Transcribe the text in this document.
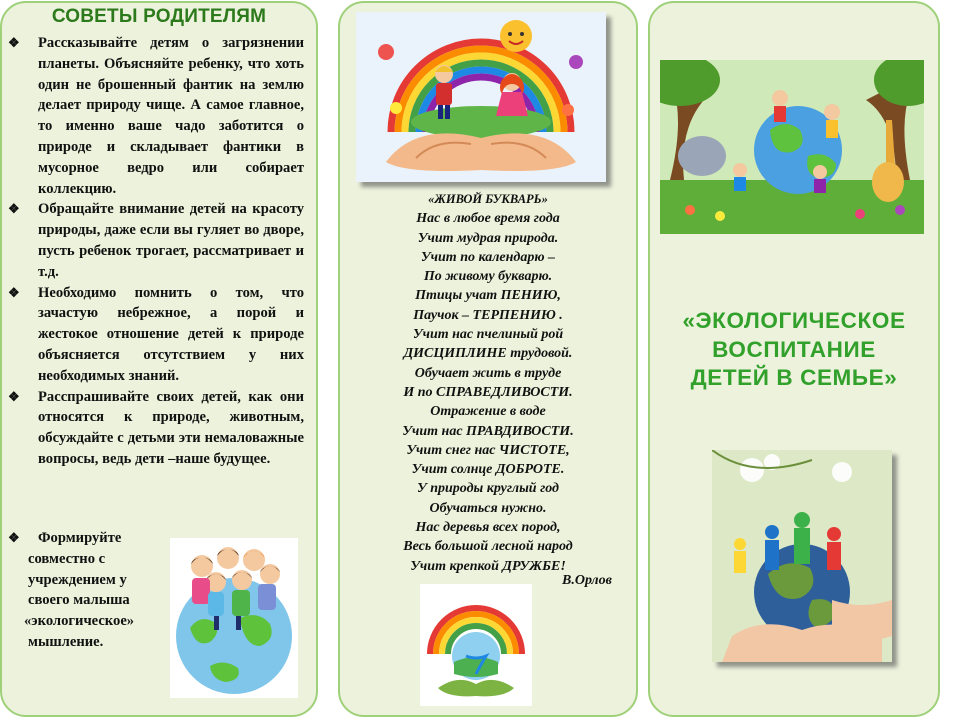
СОВЕТЫ РОДИТЕЛЯМ
❖ Рассказывайте детям о загрязнении планеты. Объясняйте ребенку, что хоть один не брошенный фантик на землю делает природу чище. А самое главное, то именно ваше чадо заботится о природе и складывает фантики в мусорное ведро или собирает коллекцию.
❖ Обращайте внимание детей на красоту природы, даже если вы гуляет во дворе, пусть ребенок трогает, рассматривает и т.д.
❖ Необходимо помнить о том, что зачастую небрежное, а порой и жестокое отношение детей к природе объясняется отсутствием у них необходимых знаний.
❖ Расспрашивайте своих детей, как они относятся к природе, животным, обсуждайте с детьми эти немаловажные вопросы, ведь дети –наше будущее.
❖	Формируйте
совместно с
учреждением у
своего малыша
«экологическое»
мышление.
«ЖИВОЙ БУКВАРЬ»
Нас в любое время года
Учит мудрая природа.
Учит по календарю –
По живому букварю.
Птицы учат ПЕНИЮ,
Паучок – ТЕРПЕНИЮ .
Учит нас пчелиный рой
ДИСЦИПЛИНЕ трудовой.
Обучает жить в труде
И по СПРАВЕДЛИВОСТИ.
Отражение в воде
Учит нас ПРАВДИВОСТИ.
Учит снег нас ЧИСТОТЕ,
Учит солнце ДОБРОТЕ.
У природы круглый год
Обучаться нужно.
Нас деревья всех пород,
Весь большой лесной народ
Учит крепкой ДРУЖБЕ!
В.Орлов
«ЭКОЛОГИЧЕСКОЕ
ВОСПИТАНИЕ
ДЕТЕЙ В СЕМЬЕ»
